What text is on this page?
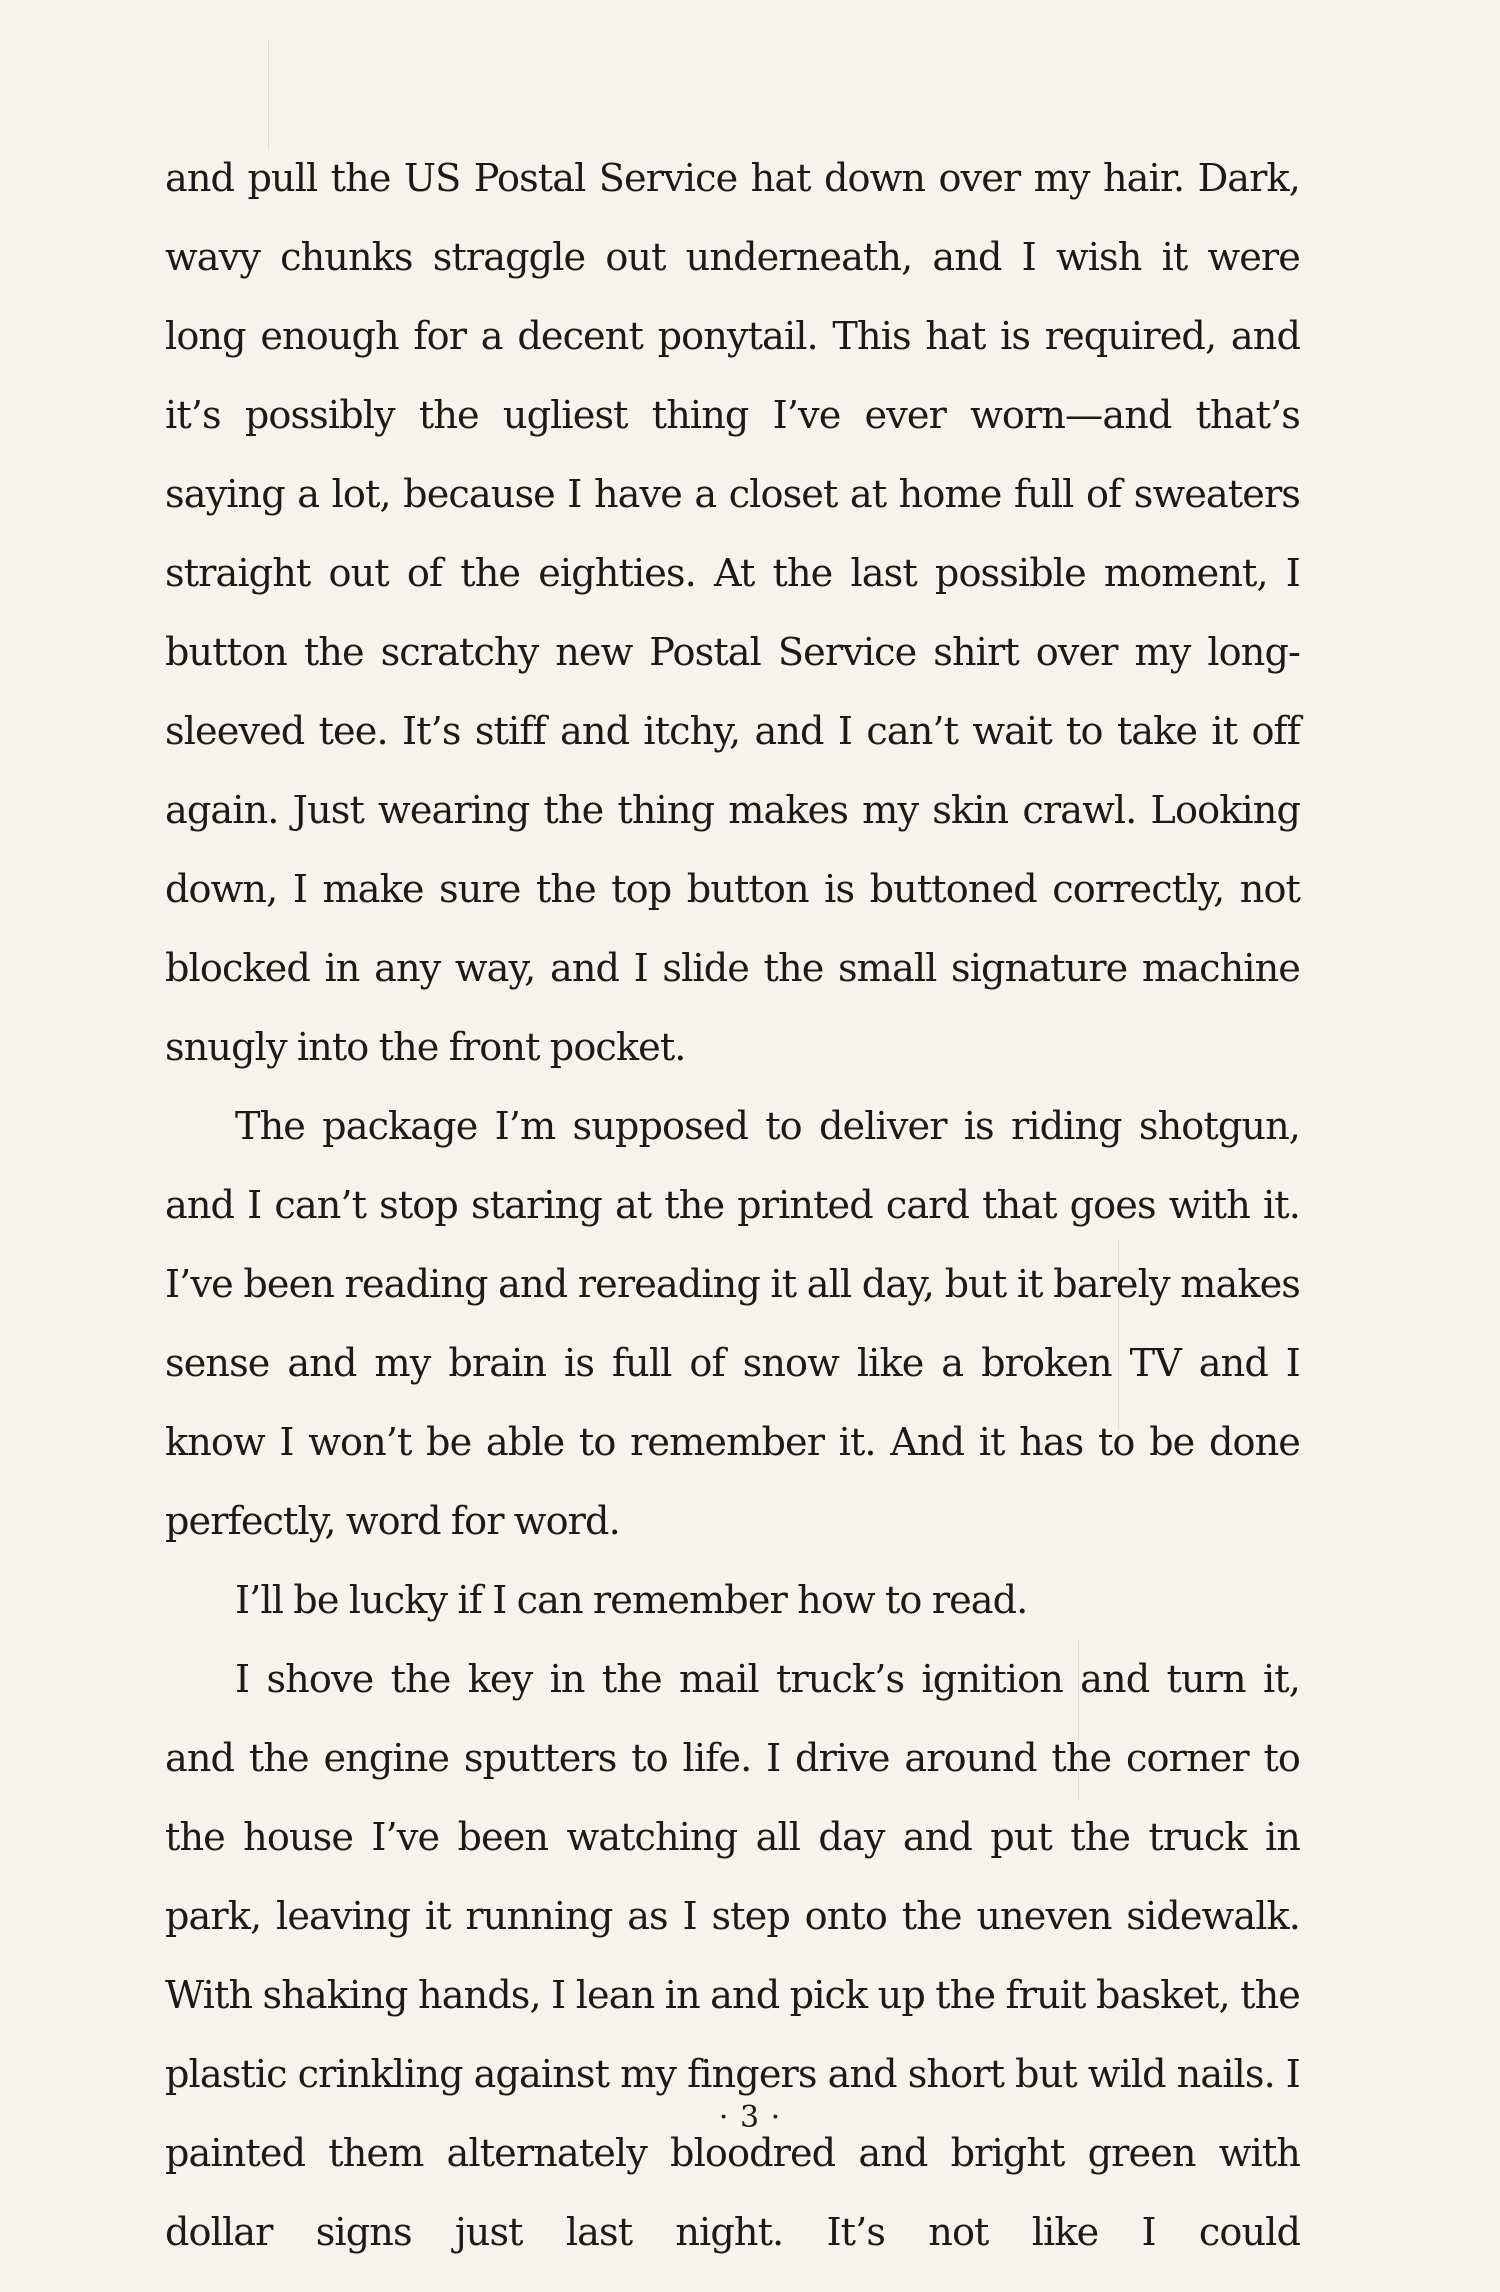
and pull the US Postal Service hat down over my hair. Dark, wavy chunks straggle out underneath, and I wish it were long enough for a decent ponytail. This hat is required, and it’s possibly the ugliest thing I’ve ever worn—and that’s saying a lot, because I have a closet at home full of sweaters straight out of the eighties. At the last possible moment, I button the scratchy new Postal Service shirt over my long-sleeved tee. It’s stiff and itchy, and I can’t wait to take it off again. Just wearing the thing makes my skin crawl. Looking down, I make sure the top button is buttoned correctly, not blocked in any way, and I slide the small signature machine snugly into the front pocket.

The package I’m supposed to deliver is riding shotgun, and I can’t stop staring at the printed card that goes with it. I’ve been reading and rereading it all day, but it barely makes sense and my brain is full of snow like a broken TV and I know I won’t be able to remember it. And it has to be done perfectly, word for word.

I’ll be lucky if I can remember how to read.

I shove the key in the mail truck’s ignition and turn it, and the engine sputters to life. I drive around the corner to the house I’ve been watching all day and put the truck in park, leaving it running as I step onto the uneven sidewalk. With shaking hands, I lean in and pick up the fruit basket, the plastic crinkling against my fingers and short but wild nails. I painted them alternately bloodred and bright green with dollar signs just last night. It’s not like I could

· 3 ·
